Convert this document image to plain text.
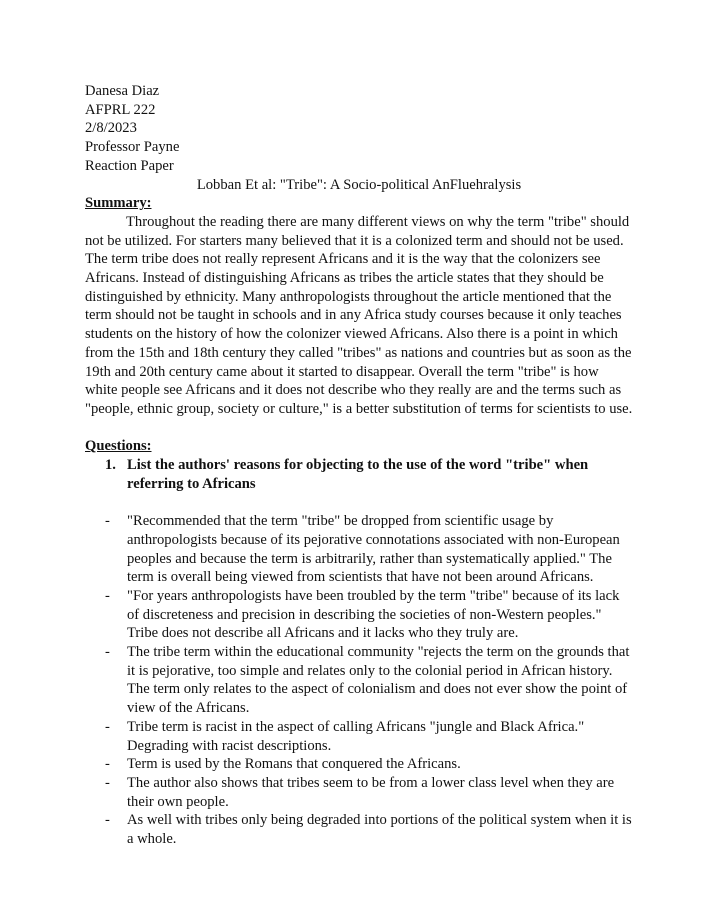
Danesa Diaz

AFPRL 222

2/8/2023

Professor Payne

Reaction Paper

Lobban Et al: "Tribe": A Socio-political AnFluehralysis

Summary:

Throughout the reading there are many different views on why the term "tribe" should not be utilized. For starters many believed that it is a colonized term and should not be used. The term tribe does not really represent Africans and it is the way that the colonizers see Africans. Instead of distinguishing Africans as tribes the article states that they should be distinguished by ethnicity. Many anthropologists throughout the article mentioned that the term should not be taught in schools and in any Africa study courses because it only teaches students on the history of how the colonizer viewed Africans. Also there is a point in which from the 15th and 18th century they called "tribes" as nations and countries but as soon as the 19th and 20th century came about it started to disappear. Overall the term "tribe" is how white people see Africans and it does not describe who they really are and the terms such as "people, ethnic group, society or culture," is a better substitution of terms for scientists to use.

Questions:

1. List the authors' reasons for objecting to the use of the word "tribe" when referring to Africans
-	"Recommended that the term "tribe" be dropped from scientific usage by anthropologists because of its pejorative connotations associated with non-European peoples and because the term is arbitrarily, rather than systematically applied." The term is overall being viewed from scientists that have not been around Africans.
-	"For years anthropologists have been troubled by the term "tribe" because of its lack of discreteness and precision in describing the societies of non-Western peoples." Tribe does not describe all Africans and it lacks who they truly are.
-	The tribe term within the educational community "rejects the term on the grounds that it is pejorative, too simple and relates only to the colonial period in African history. The term only relates to the aspect of colonialism and does not ever show the point of view of the Africans.
-	Tribe term is racist in the aspect of calling Africans "jungle and Black Africa." Degrading with racist descriptions.
-	Term is used by the Romans that conquered the Africans.
-	The author also shows that tribes seem to be from a lower class level when they are their own people.
-	As well with tribes only being degraded into portions of the political system when it is a whole.
